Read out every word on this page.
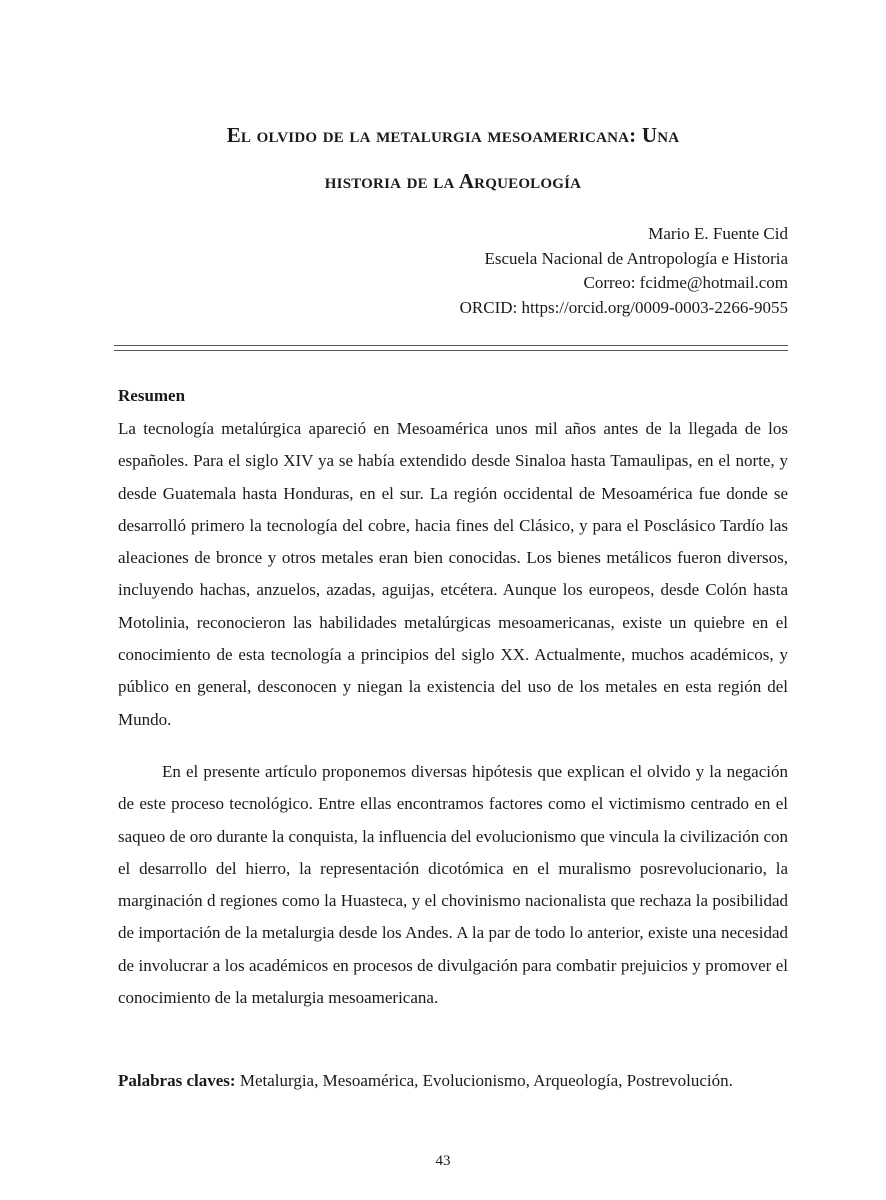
El olvido de la metalurgia mesoamericana: Una
historia de la Arqueología
Mario E. Fuente Cid
Escuela Nacional de Antropología e Historia
Correo: fcidme@hotmail.com
ORCID: https://orcid.org/0009-0003-2266-9055
Resumen

La tecnología metalúrgica apareció en Mesoamérica unos mil años antes de la llegada de los españoles. Para el siglo XIV ya se había extendido desde Sinaloa hasta Tamaulipas, en el norte, y desde Guatemala hasta Honduras, en el sur. La región occidental de Mesoamérica fue donde se desarrolló primero la tecnología del cobre, hacia fines del Clásico, y para el Posclásico Tardío las aleaciones de bronce y otros metales eran bien conocidas. Los bienes metálicos fueron diversos, incluyendo hachas, anzuelos, azadas, aguijas, etcétera. Aunque los europeos, desde Colón hasta Motolinia, reconocieron las habilidades metalúrgicas mesoamericanas, existe un quiebre en el conocimiento de esta tecnología a principios del siglo XX. Actualmente, muchos académicos, y público en general, desconocen y niegan la existencia del uso de los metales en esta región del Mundo.

En el presente artículo proponemos diversas hipótesis que explican el olvido y la negación de este proceso tecnológico. Entre ellas encontramos factores como el victimismo centrado en el saqueo de oro durante la conquista, la influencia del evolucionismo que vincula la civilización con el desarrollo del hierro, la representación dicotómica en el muralismo posrevolucionario, la marginación d regiones como la Huasteca, y el chovinismo nacionalista que rechaza la posibilidad de importación de la metalurgia desde los Andes. A la par de todo lo anterior, existe una necesidad de involucrar a los académicos en procesos de divulgación para combatir prejuicios y promover el conocimiento de la metalurgia mesoamericana.

Palabras claves: Metalurgia, Mesoamérica, Evolucionismo, Arqueología, Postrevolución.
43
